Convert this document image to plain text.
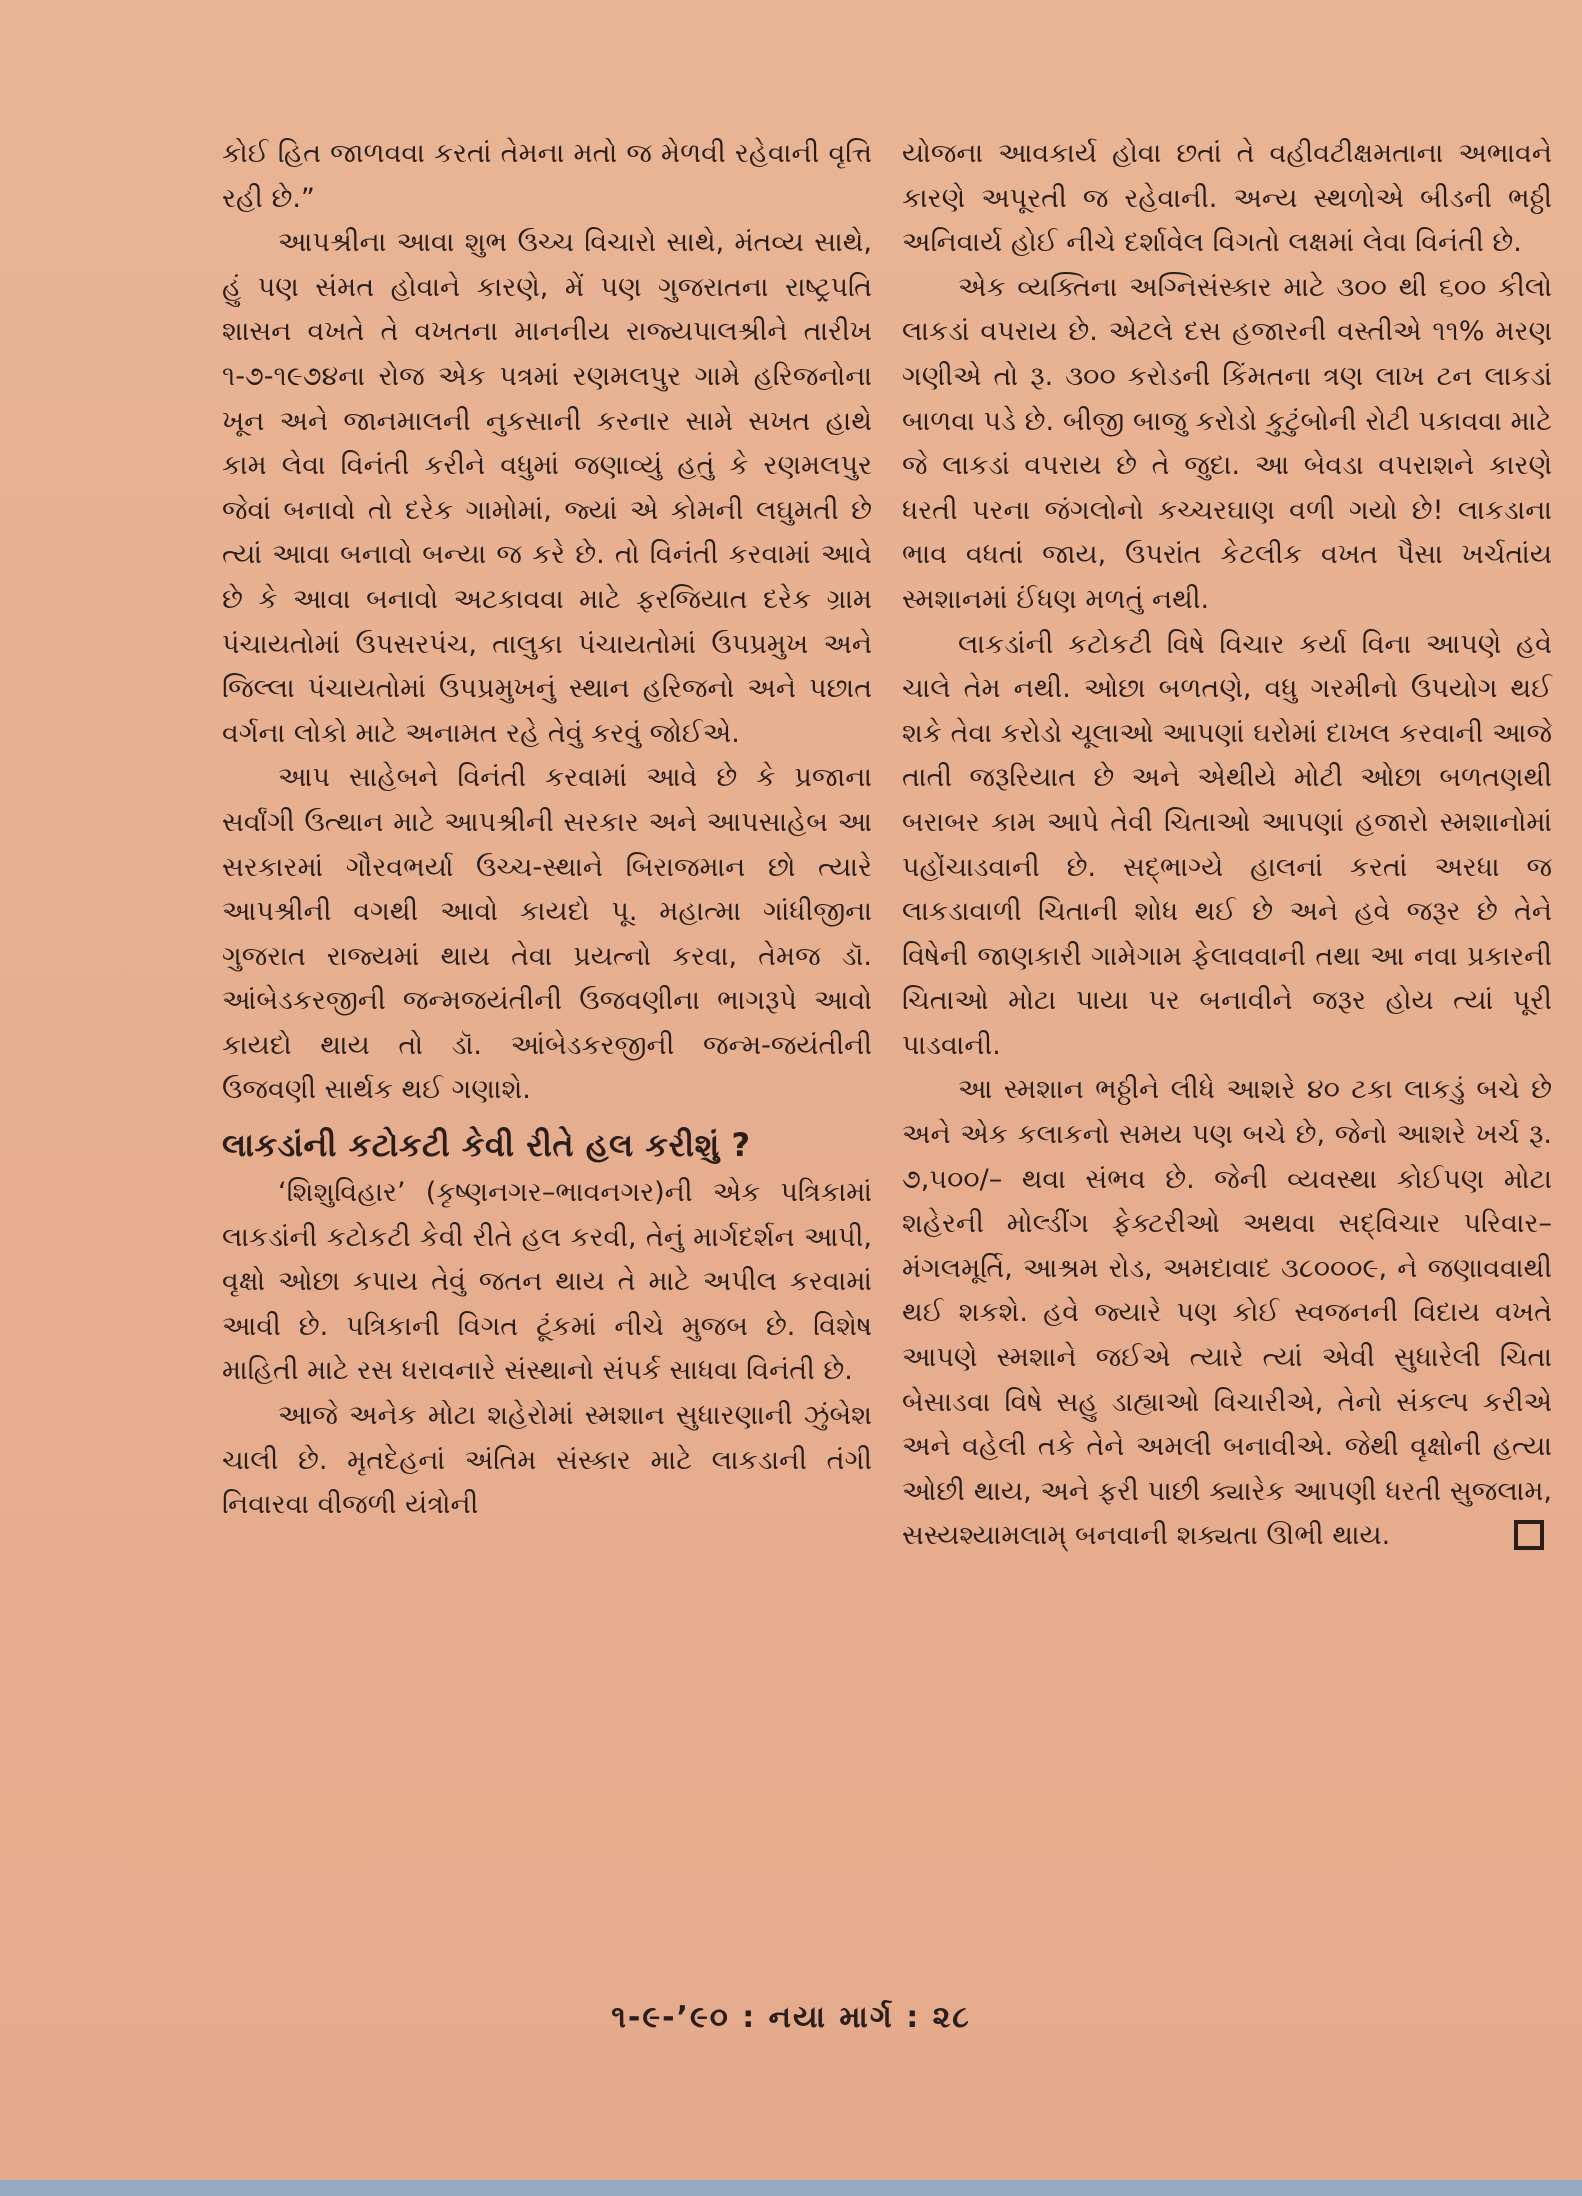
કોઈ હિત જાળવવા કરતાં તેમના મતો જ મેળવી રહેવાની વૃત્તિ રહી છે.”

આપશ્રીના આવા શુભ ઉચ્ચ વિચારો સાથે, મંતવ્ય સાથે, હું પણ સંમત હોવાને કારણે, મેં પણ ગુજરાતના રાષ્ટ્રપતિ શાસન વખતે તે વખતના માનનીય રાજ્યપાલશ્રીને તારીખ ૧-૭-૧૯૭૪ના રોજ એક પત્રમાં રણમલપુર ગામે હરિજનોના ખૂન અને જાનમાલની નુકસાની કરનાર સામે સખત હાથે કામ લેવા વિનંતી કરીને વધુમાં જણાવ્યું હતું કે રણમલપુર જેવાં બનાવો તો દરેક ગામોમાં, જ્યાં એ કોમની લઘુમતી છે ત્યાં આવા બનાવો બન્યા જ કરે છે. તો વિનંતી કરવામાં આવે છે કે આવા બનાવો અટકાવવા માટે ફરજિયાત દરેક ગ્રામ પંચાયતોમાં ઉપસરપંચ, તાલુકા પંચાયતોમાં ઉપપ્રમુખ અને જિલ્લા પંચાયતોમાં ઉપપ્રમુખનું સ્થાન હરિજનો અને પછાત વર્ગના લોકો માટે અનામત રહે તેવું કરવું જોઈએ.

આપ સાહેબને વિનંતી કરવામાં આવે છે કે પ્રજાના સર્વાંગી ઉત્થાન માટે આપશ્રીની સરકાર અને આપસાહેબ આ સરકારમાં ગૌરવભર્યા ઉચ્ચ-સ્થાને બિરાજમાન છો ત્યારે આપશ્રીની વગથી આવો કાયદો પૂ. મહાત્મા ગાંધીજીના ગુજરાત રાજ્યમાં થાય તેવા પ્રયત્નો કરવા, તેમજ ડૉ. આંબેડકરજીની જન્મજયંતીની ઉજવણીના ભાગરૂપે આવો કાયદો થાય તો ડૉ. આંબેડકરજીની જન્મ-જયંતીની ઉજવણી સાર્થક થઈ ગણાશે.

લાકડાંની કટોકટી કેવી રીતે હલ કરીશું ?

‘શિશુવિહાર’ (કૃષ્ણનગર–ભાવનગર)ની એક પત્રિકામાં લાકડાંની કટોકટી કેવી રીતે હલ કરવી, તેનું માર્ગદર્શન આપી, વૃક્ષો ઓછા કપાય તેવું જતન થાય તે માટે અપીલ કરવામાં આવી છે. પત્રિકાની વિગત ટૂંકમાં નીચે મુજબ છે. વિશેષ માહિતી માટે રસ ધરાવનારે સંસ્થાનો સંપર્ક સાધવા વિનંતી છે.

આજે અનેક મોટા શહેરોમાં સ્મશાન સુધારણાની ઝુંબેશ ચાલી છે. મૃતદેહનાં અંતિમ સંસ્કાર માટે લાકડાની તંગી નિવારવા વીજળી યંત્રોની

યોજના આવકાર્ય હોવા છતાં તે વહીવટીક્ષમતાના અભાવને કારણે અપૂરતી જ રહેવાની. અન્ય સ્થળોએ બીડની ભઠ્ઠી અનિવાર્ય હોઈ નીચે દર્શાવેલ વિગતો લક્ષમાં લેવા વિનંતી છે.

એક વ્યક્તિના અગ્નિસંસ્કાર માટે ૩૦૦ થી ૬૦૦ કીલો લાકડાં વપરાય છે. એટલે દસ હજારની વસ્તીએ ૧૧% મરણ ગણીએ તો રૂ. ૩૦૦ કરોડની કિંમતના ત્રણ લાખ ટન લાકડાં બાળવા પડે છે. બીજી બાજુ કરોડો કુટુંબોની રોટી પકાવવા માટે જે લાકડાં વપરાય છે તે જુદા. આ બેવડા વપરાશને કારણે ધરતી પરના જંગલોનો કચ્ચરઘાણ વળી ગયો છે! લાકડાના ભાવ વધતાં જાય, ઉપરાંત કેટલીક વખત પૈસા ખર્ચતાંય સ્મશાનમાં ઈંધણ મળતું નથી.

લાકડાંની કટોકટી વિષે વિચાર કર્યા વિના આપણે હવે ચાલે તેમ નથી. ઓછા બળતણે, વધુ ગરમીનો ઉપયોગ થઈ શકે તેવા કરોડો ચૂલાઓ આપણાં ઘરોમાં દાખલ કરવાની આજે તાતી જરૂરિયાત છે અને એથીયે મોટી ઓછા બળતણથી બરાબર કામ આપે તેવી ચિતાઓ આપણાં હજારો સ્મશાનોમાં પહોંચાડવાની છે. સદ્‌ભાગ્યે હાલનાં કરતાં અરધા જ લાકડાવાળી ચિતાની શોધ થઈ છે અને હવે જરૂર છે તેને વિષેની જાણકારી ગામેગામ ફેલાવવાની તથા આ નવા પ્રકારની ચિતાઓ મોટા પાયા પર બનાવીને જરૂર હોય ત્યાં પૂરી પાડવાની.

આ સ્મશાન ભઠ્ઠીને લીધે આશરે ૪૦ ટકા લાકડું બચે છે અને એક કલાકનો સમય પણ બચે છે, જેનો આશરે ખર્ચ રૂ. ૭,૫૦૦/– થવા સંભવ છે. જેની વ્યવસ્થા કોઈપણ મોટા શહેરની મોલ્ડીંગ ફેક્ટરીઓ અથવા સદ્‌વિચાર પરિવાર–મંગલમૂર્તિ, આશ્રમ રોડ, અમદાવાદ ૩૮૦૦૦૯, ને જણાવવાથી થઈ શકશે. હવે જ્યારે પણ કોઈ સ્વજનની વિદાય વખતે આપણે સ્મશાને જઈએ ત્યારે ત્યાં એવી સુધારેલી ચિતા બેસાડવા વિષે સહુ ડાહ્યાઓ વિચારીએ, તેનો સંકલ્પ કરીએ અને વહેલી તકે તેને અમલી બનાવીએ. જેથી વૃક્ષોની હત્યા ઓછી થાય, અને ફરી પાછી ક્યારેક આપણી ધરતી સુજલામ, સસ્યશ્યામલામ્ બનવાની શક્યતા ઊભી થાય.

૧-૯-’૯૦ : નયા માર્ગ : ૨૮
